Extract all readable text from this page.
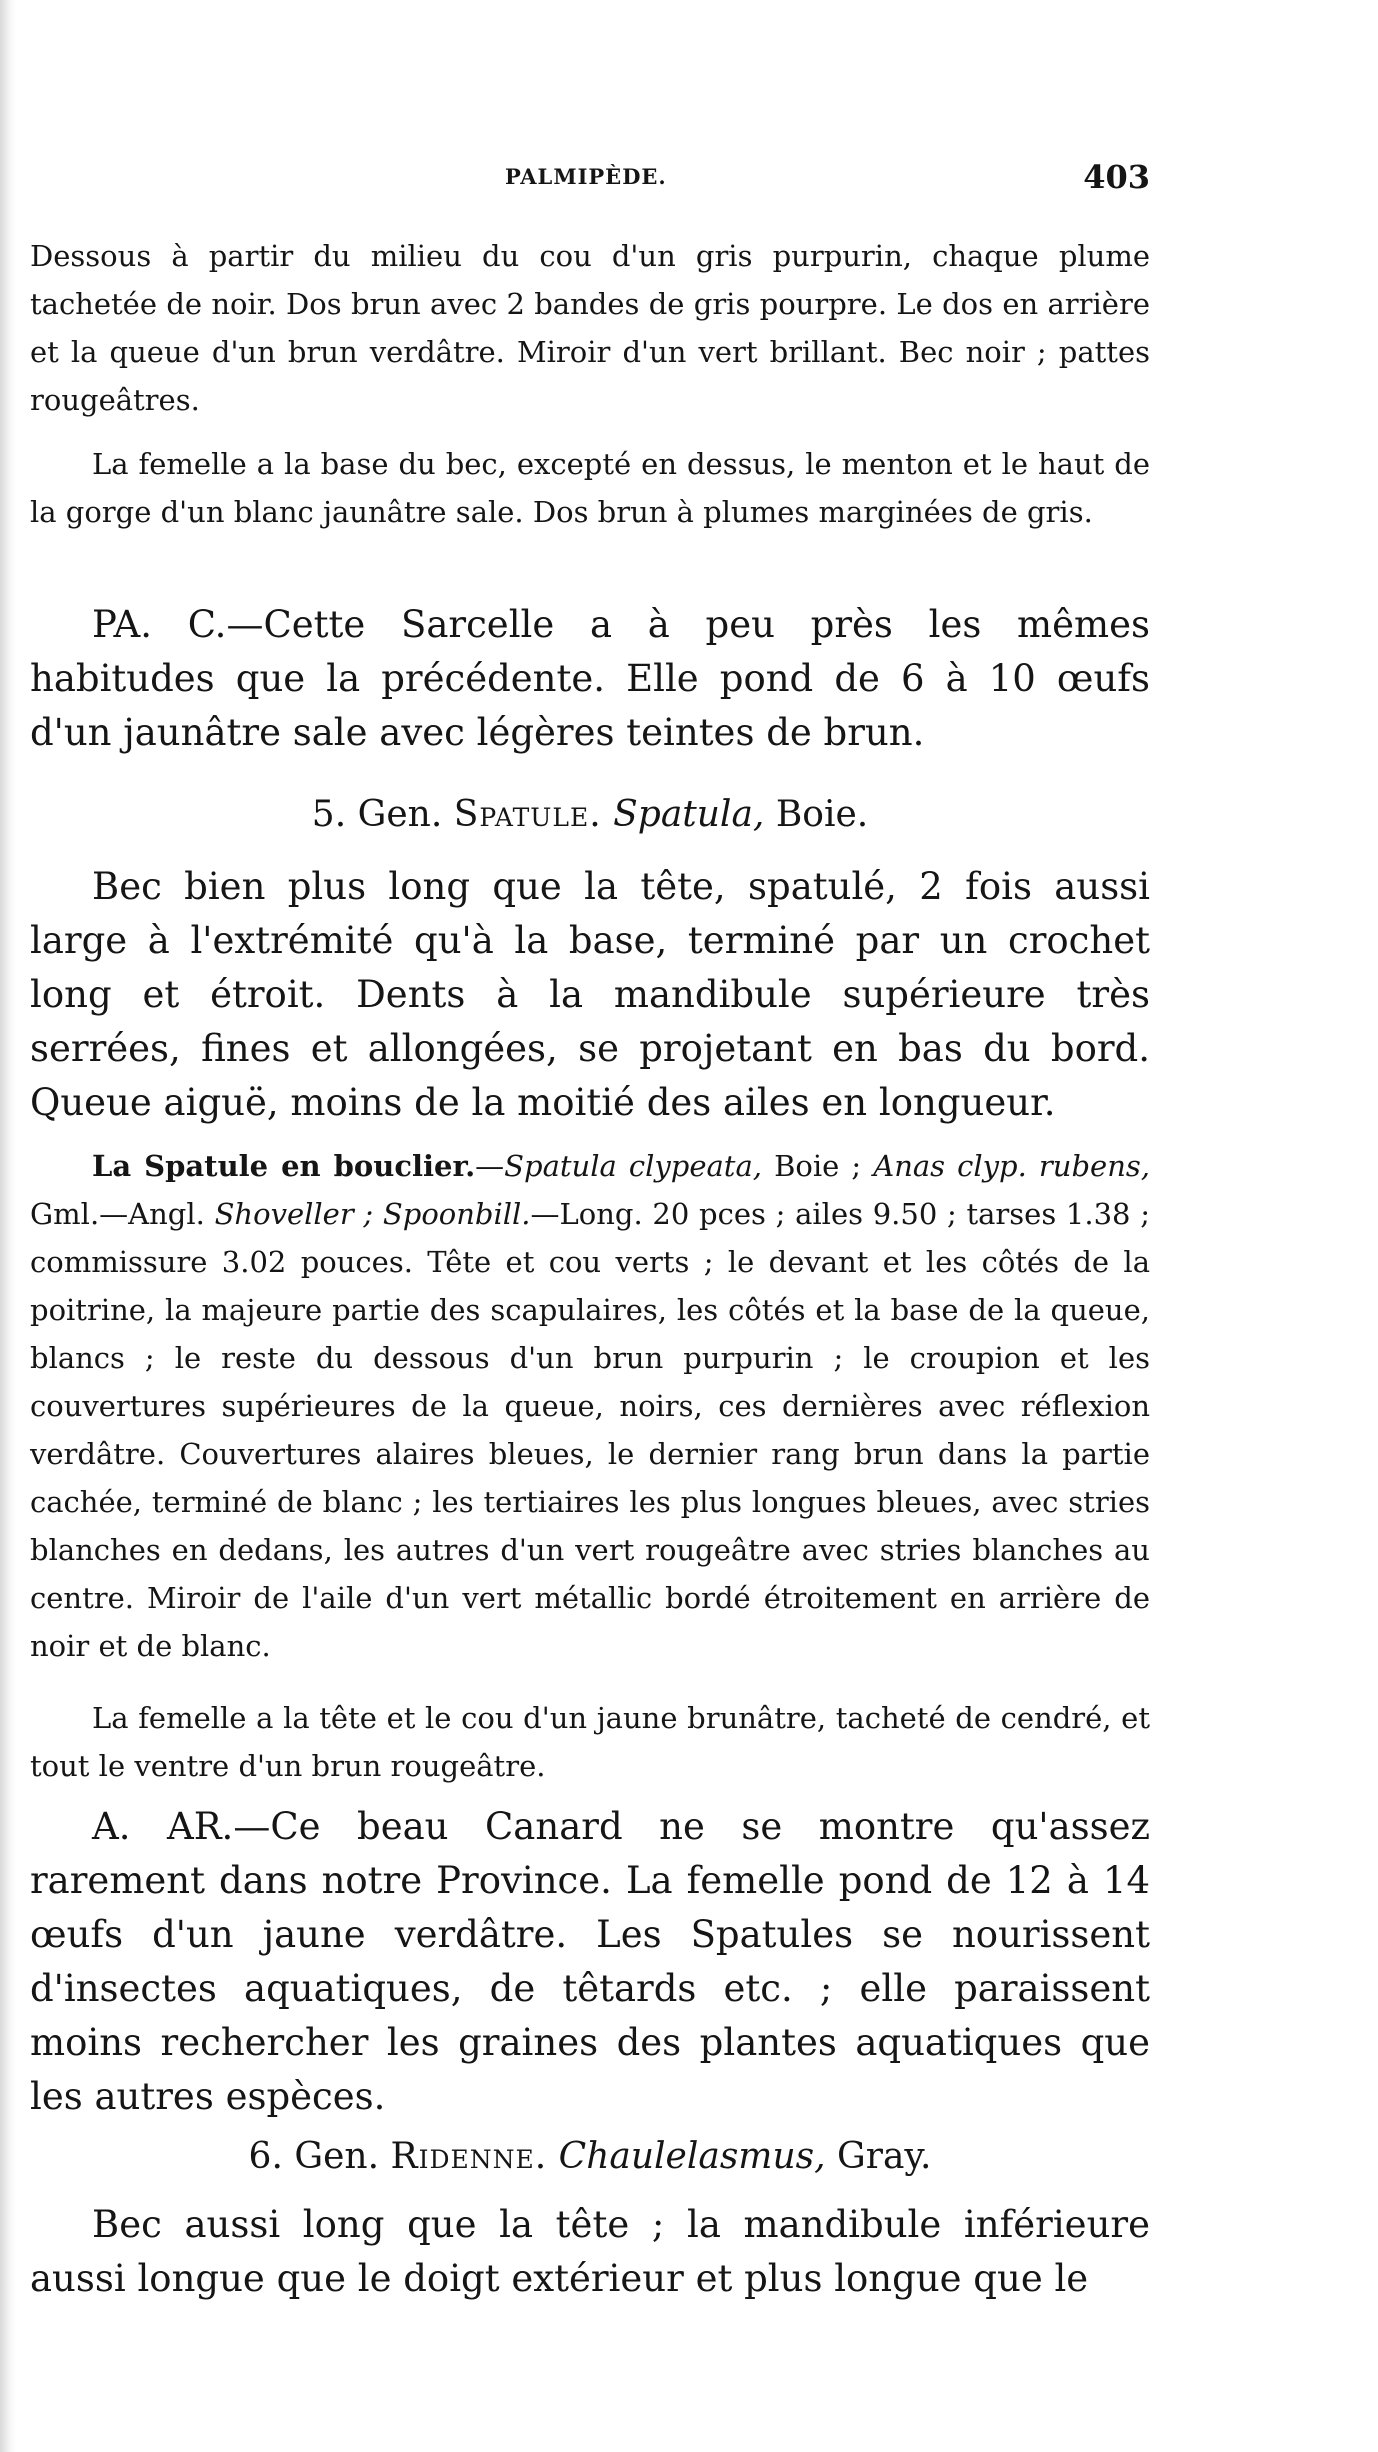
PALMIPÈDE.	403

Dessous à partir du milieu du cou d'un gris purpurin, chaque plume tachetée de noir. Dos brun avec 2 bandes de gris pourpre. Le dos en arrière et la queue d'un brun verdâtre. Miroir d'un vert brillant. Bec noir ; pattes rougeâtres.

La femelle a la base du bec, excepté en dessus, le menton et le haut de la gorge d'un blanc jaunâtre sale. Dos brun à plumes marginées de gris.

PA. C.—Cette Sarcelle a à peu près les mêmes habitudes que la précédente. Elle pond de 6 à 10 œufs d'un jaunâtre sale avec légères teintes de brun.

5. Gen. Spatule. Spatula, Boie.

Bec bien plus long que la tête, spatulé, 2 fois aussi large à l'extrémité qu'à la base, terminé par un crochet long et étroit. Dents à la mandibule supérieure très serrées, fines et allongées, se projetant en bas du bord. Queue aiguë, moins de la moitié des ailes en longueur.

La Spatule en bouclier.—Spatula clypeata, Boie ; Anas clyp. rubens, Gml.—Angl. Shoveller ; Spoonbill.—Long. 20 pces ; ailes 9.50 ; tarses 1.38 ; commissure 3.02 pouces. Tête et cou verts ; le devant et les côtés de la poitrine, la majeure partie des scapulaires, les côtés et la base de la queue, blancs ; le reste du dessous d'un brun purpurin ; le croupion et les couvertures supérieures de la queue, noirs, ces dernières avec réflexion verdâtre. Couvertures alaires bleues, le dernier rang brun dans la partie cachée, terminé de blanc ; les tertiaires les plus longues bleues, avec stries blanches en dedans, les autres d'un vert rougeâtre avec stries blanches au centre. Miroir de l'aile d'un vert métallic bordé étroitement en arrière de noir et de blanc.

La femelle a la tête et le cou d'un jaune brunâtre, tacheté de cendré, et tout le ventre d'un brun rougeâtre.

A. AR.—Ce beau Canard ne se montre qu'assez rarement dans notre Province. La femelle pond de 12 à 14 œufs d'un jaune verdâtre. Les Spatules se nourissent d'insectes aquatiques, de têtards etc. ; elle paraissent moins rechercher les graines des plantes aquatiques que les autres espèces.

6. Gen. Ridenne. Chaulelasmus, Gray.

Bec aussi long que la tête ; la mandibule inférieure aussi longue que le doigt extérieur et plus longue que le
